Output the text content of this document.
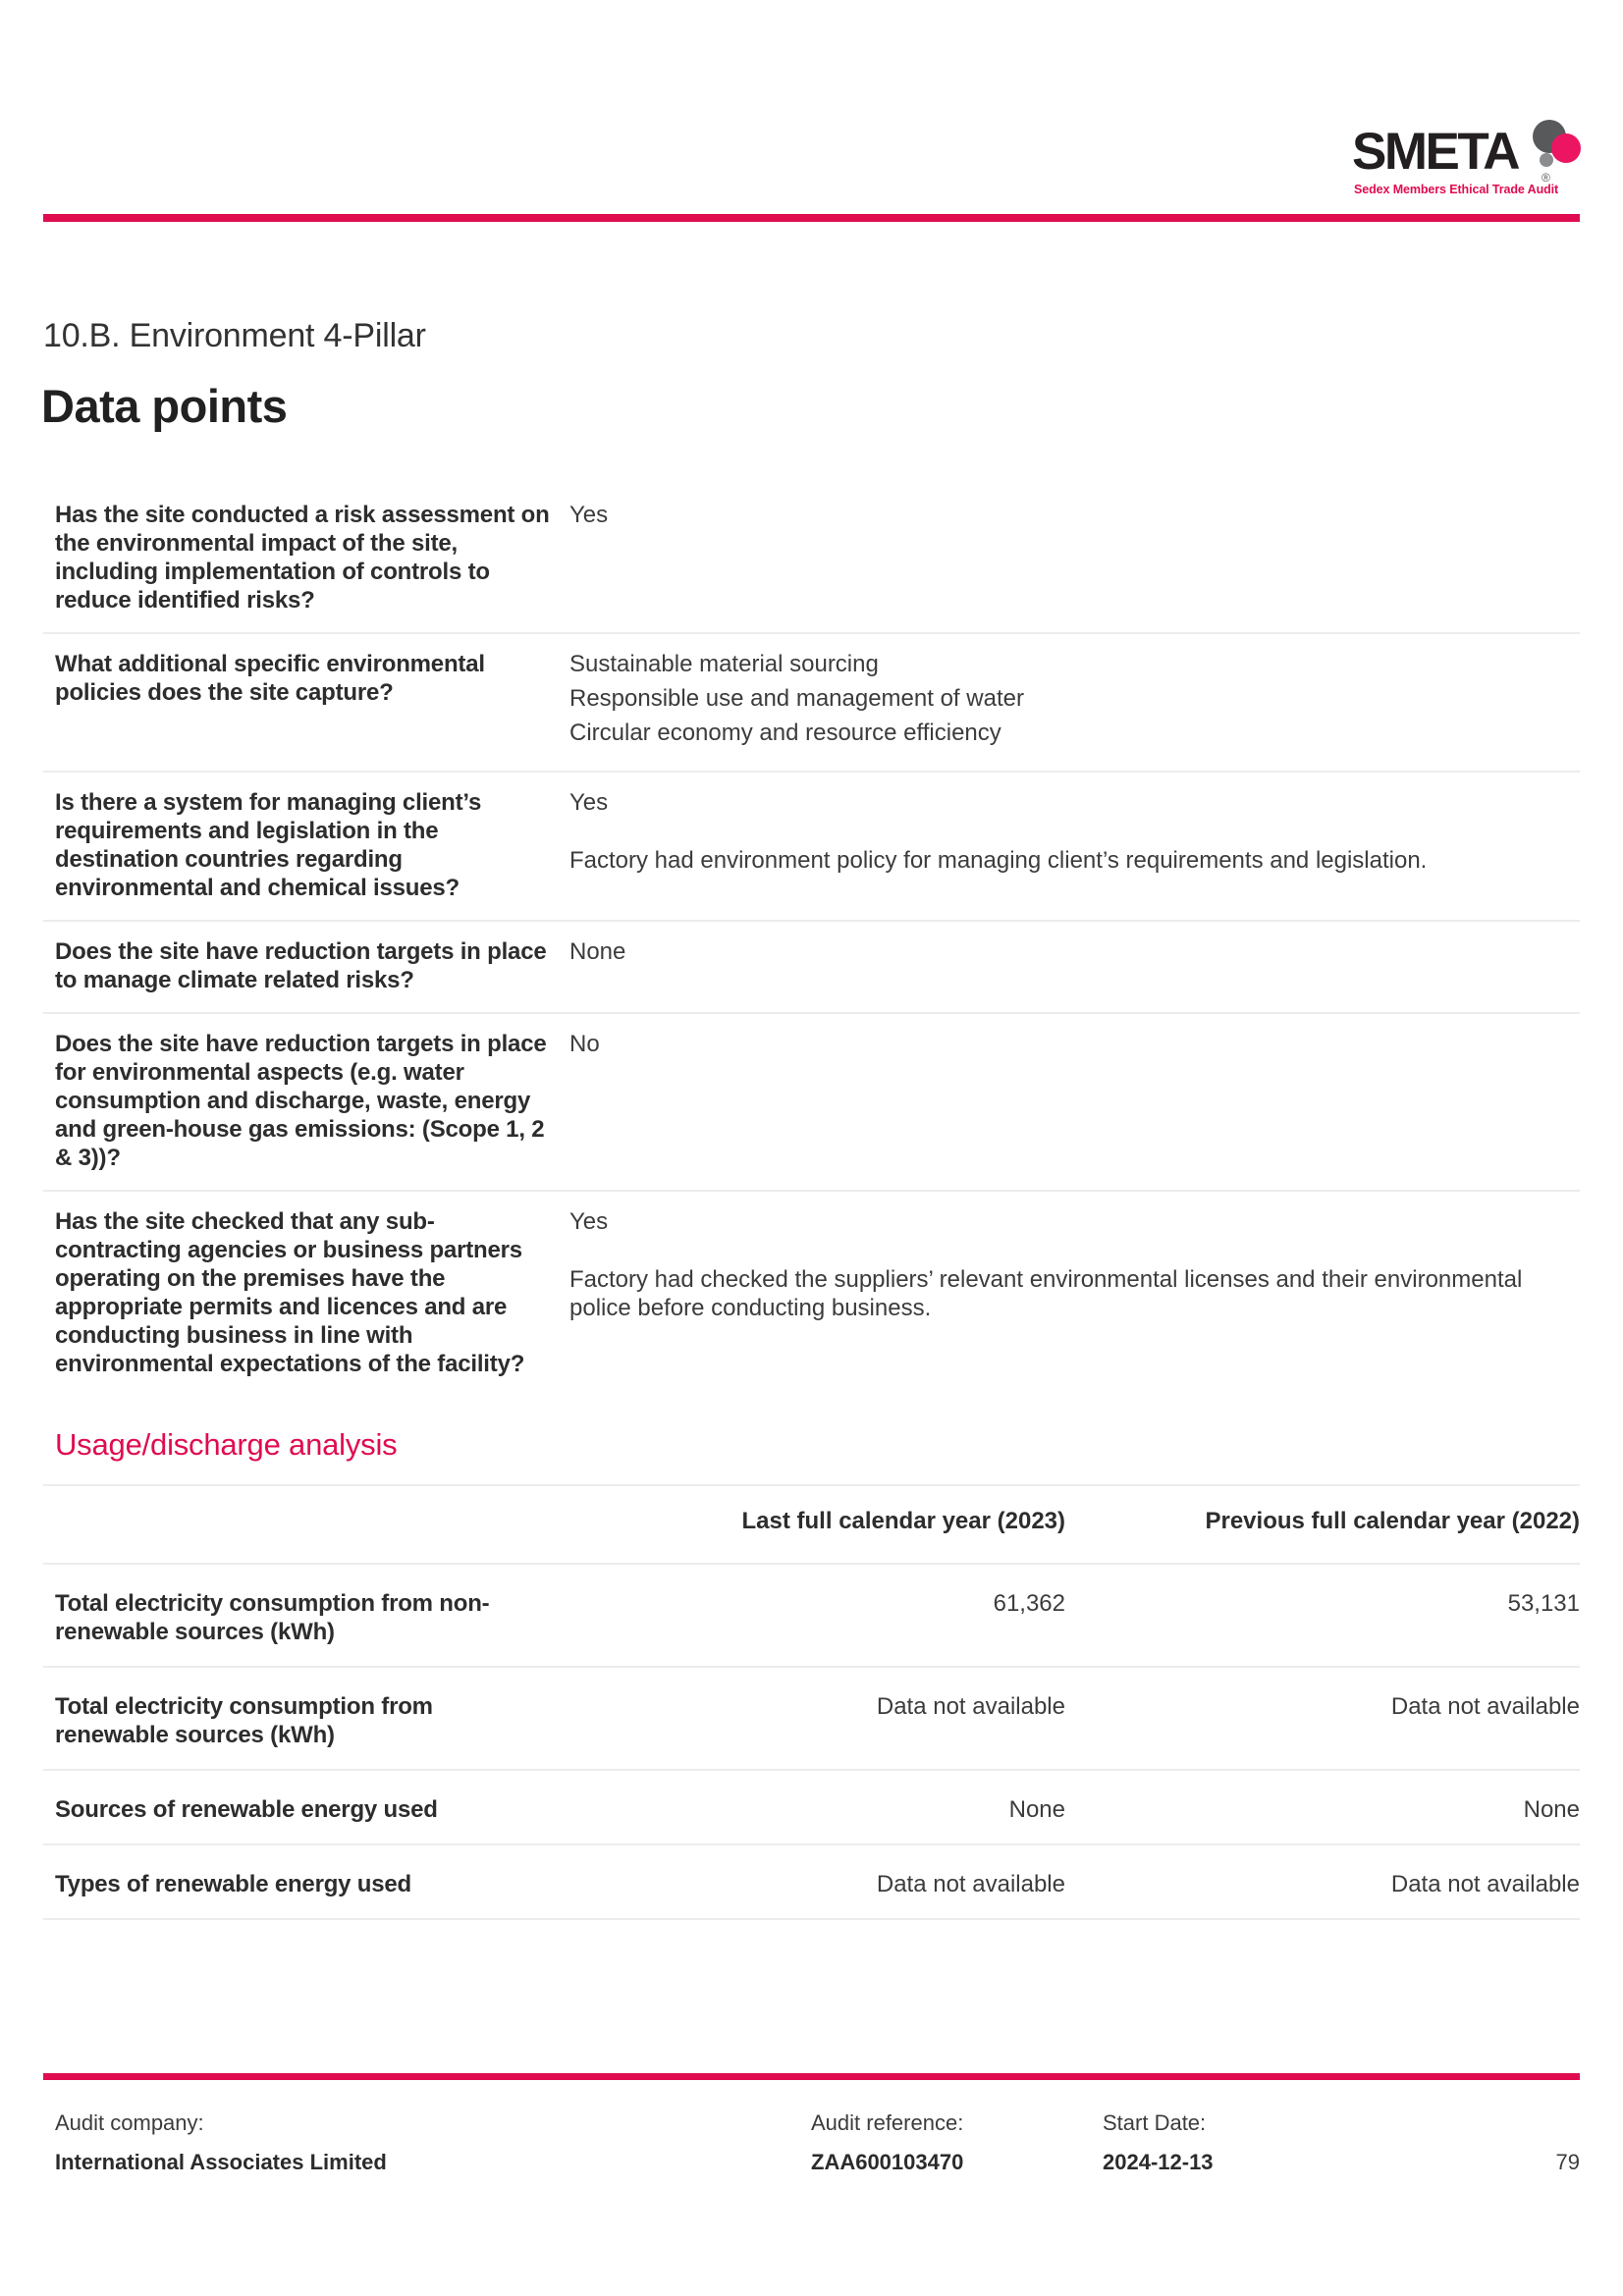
SMETA ®
Sedex Members Ethical Trade Audit
10.B. Environment 4-Pillar
Data points
Has the site conducted a risk assessment on the environmental impact of the site, including implementation of controls to reduce identified risks?

Yes

What additional specific environmental policies does the site capture?

Sustainable material sourcing

Responsible use and management of water

Circular economy and resource efficiency

Is there a system for managing client’s requirements and legislation in the destination countries regarding environmental and chemical issues?

Yes

Factory had environment policy for managing client’s requirements and legislation.

Does the site have reduction targets in place to manage climate related risks?

None

Does the site have reduction targets in place for environmental aspects (e.g. water consumption and discharge, waste, energy and green-house gas emissions: (Scope 1, 2 & 3))?

No

Has the site checked that any sub-contracting agencies or business partners operating on the premises have the appropriate permits and licences and are conducting business in line with environmental expectations of the facility?

Yes

Factory had checked the suppliers’ relevant environmental licenses and their environmental police before conducting business.

Usage/discharge analysis
Last full calendar year (2023)	Previous full calendar year (2022)
Total electricity consumption from non-renewable sources (kWh)
61,362	53,131
Total electricity consumption from renewable sources (kWh)
Data not available	Data not available
Sources of renewable energy used	None	None
Types of renewable energy used	Data not available	Data not available
Audit company:	Audit reference:	Start Date:
International Associates Limited	ZAA600103470	2024-12-13	79
